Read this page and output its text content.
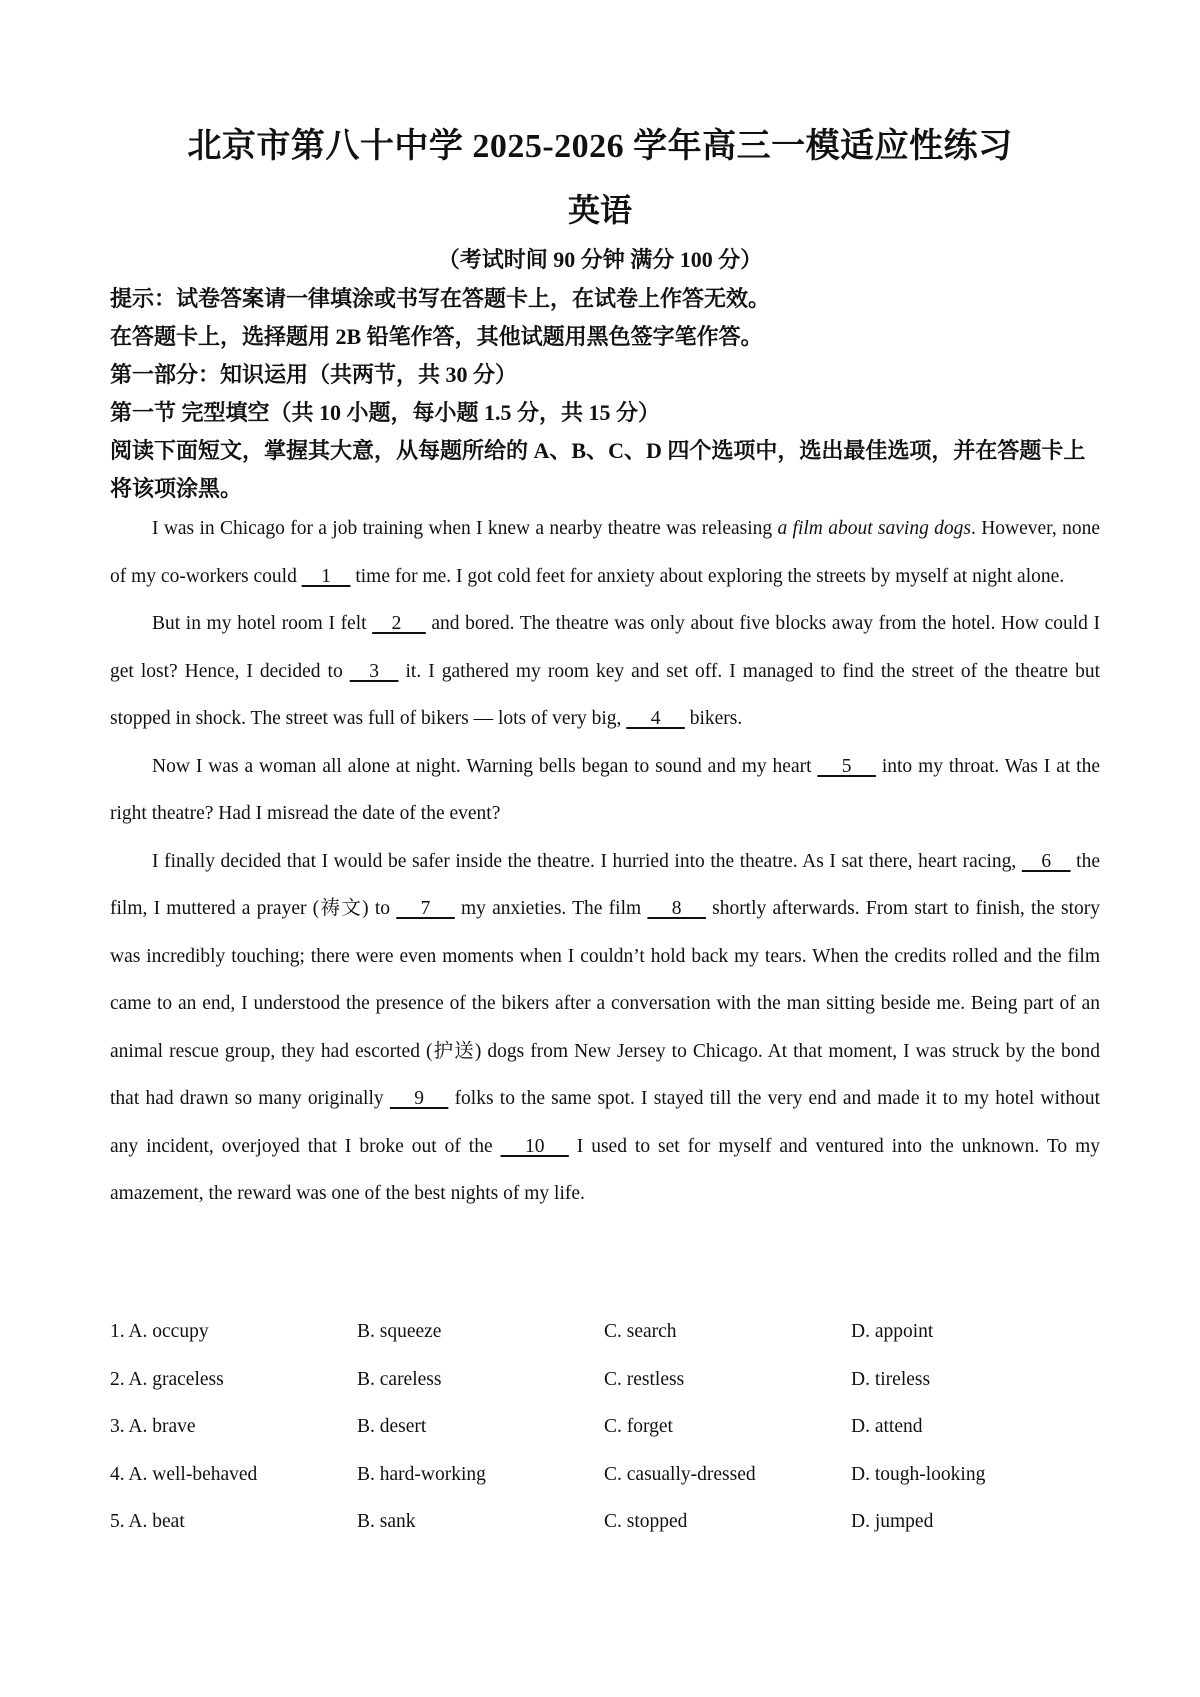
北京市第八十中学 2025-2026 学年高三一模适应性练习
英语
（考试时间 90 分钟 满分 100 分）
提示：试卷答案请一律填涂或书写在答题卡上，在试卷上作答无效。
在答题卡上，选择题用 2B 铅笔作答，其他试题用黑色签字笔作答。
第一部分：知识运用（共两节，共 30 分）
第一节 完型填空（共 10 小题，每小题 1.5 分，共 15 分）
阅读下面短文，掌握其大意，从每题所给的 A、B、C、D 四个选项中，选出最佳选项，并在答题卡上将该项涂黑。

I was in Chicago for a job training when I knew a nearby theatre was releasing a film about saving dogs. However, none of my co-workers could     1     time for me. I got cold feet for anxiety about exploring the streets by myself at night alone.

But in my hotel room I felt     2      and bored. The theatre was only about five blocks away from the hotel. How could I get lost? Hence, I decided to     3     it. I gathered my room key and set off. I managed to find the street of the theatre but stopped in shock. The street was full of bikers — lots of very big,      4      bikers.

Now I was a woman all alone at night. Warning bells began to sound and my heart      5      into my throat. Was I at the right theatre? Had I misread the date of the event?

I finally decided that I would be safer inside the theatre. I hurried into the theatre. As I sat there, heart racing,     6     the film, I muttered a prayer (祷文) to      7      my anxieties. The film      8      shortly afterwards. From start to finish, the story was incredibly touching; there were even moments when I couldn’t hold back my tears. When the credits rolled and the film came to an end, I understood the presence of the bikers after a conversation with the man sitting beside me. Being part of an animal rescue group, they had escorted (护送) dogs from New Jersey to Chicago. At that moment, I was struck by the bond that had drawn so many originally      9      folks to the same spot. I stayed till the very end and made it to my hotel without any incident, overjoyed that I broke out of the      10      I used to set for myself and ventured into the unknown. To my amazement, the reward was one of the best nights of my life.

1. A. occupy	B. squeeze	C. search	D. appoint
2. A. graceless	B. careless	C. restless	D. tireless
3. A. brave	B. desert	C. forget	D. attend
4. A. well-behaved	B. hard-working	C. casually-dressed	D. tough-looking
5. A. beat	B. sank	C. stopped	D. jumped
